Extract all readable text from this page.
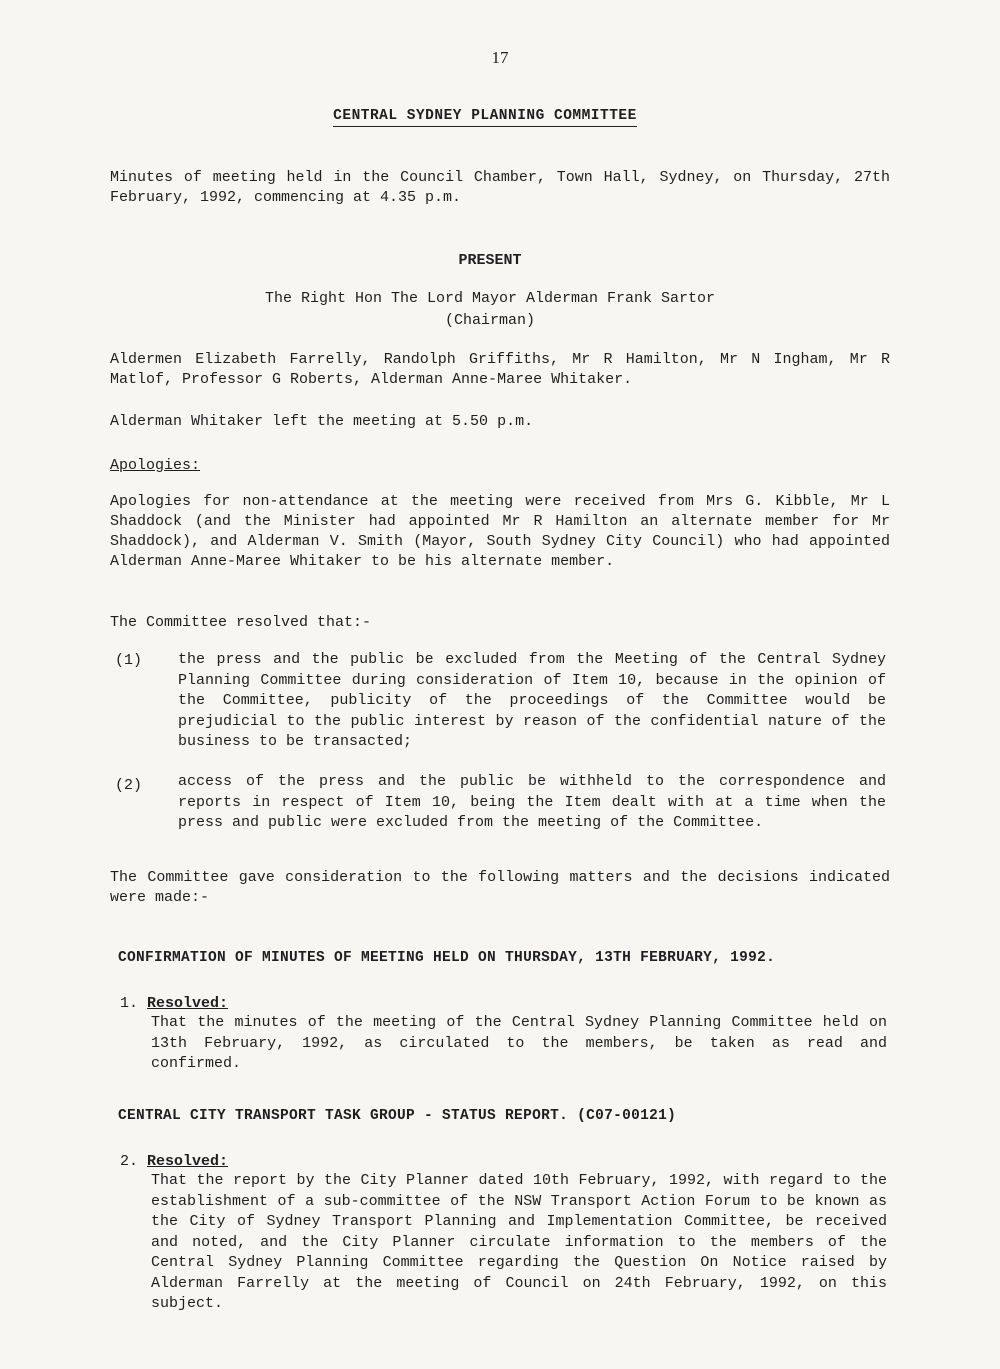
17
CENTRAL SYDNEY PLANNING COMMITTEE
Minutes of meeting held in the Council Chamber, Town Hall, Sydney, on Thursday, 27th February, 1992, commencing at 4.35 p.m.
PRESENT
The Right Hon The Lord Mayor Alderman Frank Sartor
(Chairman)
Aldermen Elizabeth Farrelly, Randolph Griffiths, Mr R Hamilton, Mr N Ingham, Mr R Matlof, Professor G Roberts, Alderman Anne-Maree Whitaker.
Alderman Whitaker left the meeting at 5.50 p.m.
Apologies:
Apologies for non-attendance at the meeting were received from Mrs G. Kibble, Mr L Shaddock (and the Minister had appointed Mr R Hamilton an alternate member for Mr Shaddock), and Alderman V. Smith (Mayor, South Sydney City Council) who had appointed Alderman Anne-Maree Whitaker to be his alternate member.
The Committee resolved that:-
(1) the press and the public be excluded from the Meeting of the Central Sydney Planning Committee during consideration of Item 10, because in the opinion of the Committee, publicity of the proceedings of the Committee would be prejudicial to the public interest by reason of the confidential nature of the business to be transacted;
(2) access of the press and the public be withheld to the correspondence and reports in respect of Item 10, being the Item dealt with at a time when the press and public were excluded from the meeting of the Committee.
The Committee gave consideration to the following matters and the decisions indicated were made:-
CONFIRMATION OF MINUTES OF MEETING HELD ON THURSDAY, 13TH FEBRUARY, 1992.
1. Resolved:
That the minutes of the meeting of the Central Sydney Planning Committee held on 13th February, 1992, as circulated to the members, be taken as read and confirmed.
CENTRAL CITY TRANSPORT TASK GROUP - STATUS REPORT. (C07-00121)
2. Resolved:
That the report by the City Planner dated 10th February, 1992, with regard to the establishment of a sub-committee of the NSW Transport Action Forum to be known as the City of Sydney Transport Planning and Implementation Committee, be received and noted, and the City Planner circulate information to the members of the Central Sydney Planning Committee regarding the Question On Notice raised by Alderman Farrelly at the meeting of Council on 24th February, 1992, on this subject.
